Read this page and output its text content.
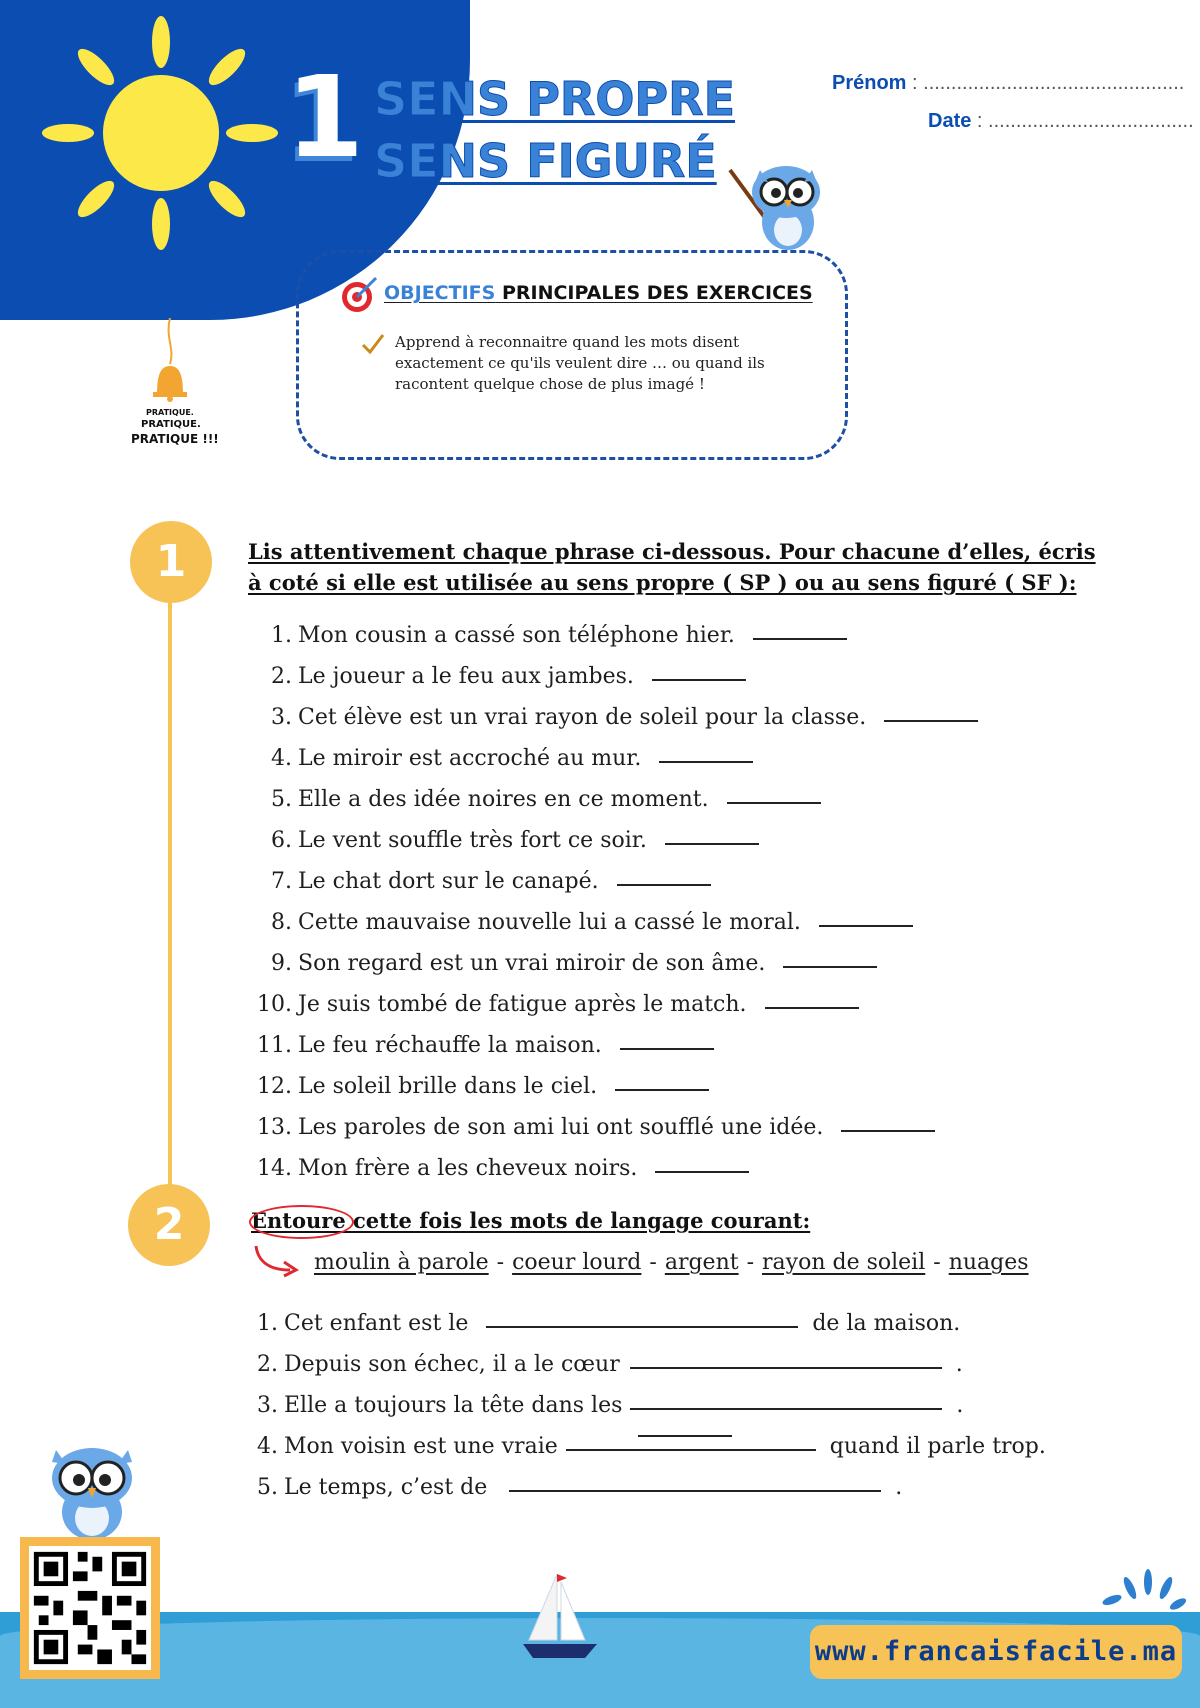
1 SENS PROPRE
SENS FIGURÉ
Prénom : ...............................................
Date : .....................................
OBJECTIFS PRINCIPALES DES EXERCICES
Apprend à reconnaitre quand les mots disent exactement ce qu'ils veulent dire … ou quand ils racontent quelque chose de plus imagé !
PRATIQUE.
PRATIQUE.
PRATIQUE !!!
1	Lis attentivement chaque phrase ci-dessous. Pour chacune d’elles, écris à coté si elle est utilisée au sens propre ( SP ) ou au sens figuré ( SF ):
1. Mon cousin a cassé son téléphone hier.
2. Le joueur a le feu aux jambes.
3. Cet élève est un vrai rayon de soleil pour la classe.
4. Le miroir est accroché au mur.
5. Elle a des idée noires en ce moment.
6. Le vent souffle très fort ce soir.
7. Le chat dort sur le canapé.
8. Cette mauvaise nouvelle lui a cassé le moral.
9. Son regard est un vrai miroir de son âme.
10. Je suis tombé de fatigue après le match.
11. Le feu réchauffe la maison.
12. Le soleil brille dans le ciel.
13. Les paroles de son ami lui ont soufflé une idée.
14. Mon frère a les cheveux noirs.
2	Entoure cette fois les mots de langage courant:
moulin à parole - coeur lourd - argent - rayon de soleil - nuages
1. Cet enfant est le	de la maison.
2. Depuis son échec, il a le cœur	.
3. Elle a toujours la tête dans les	.
4. Mon voisin est une vraie	quand il parle trop.
5. Le temps, c’est de	.
www.francaisfacile.ma
